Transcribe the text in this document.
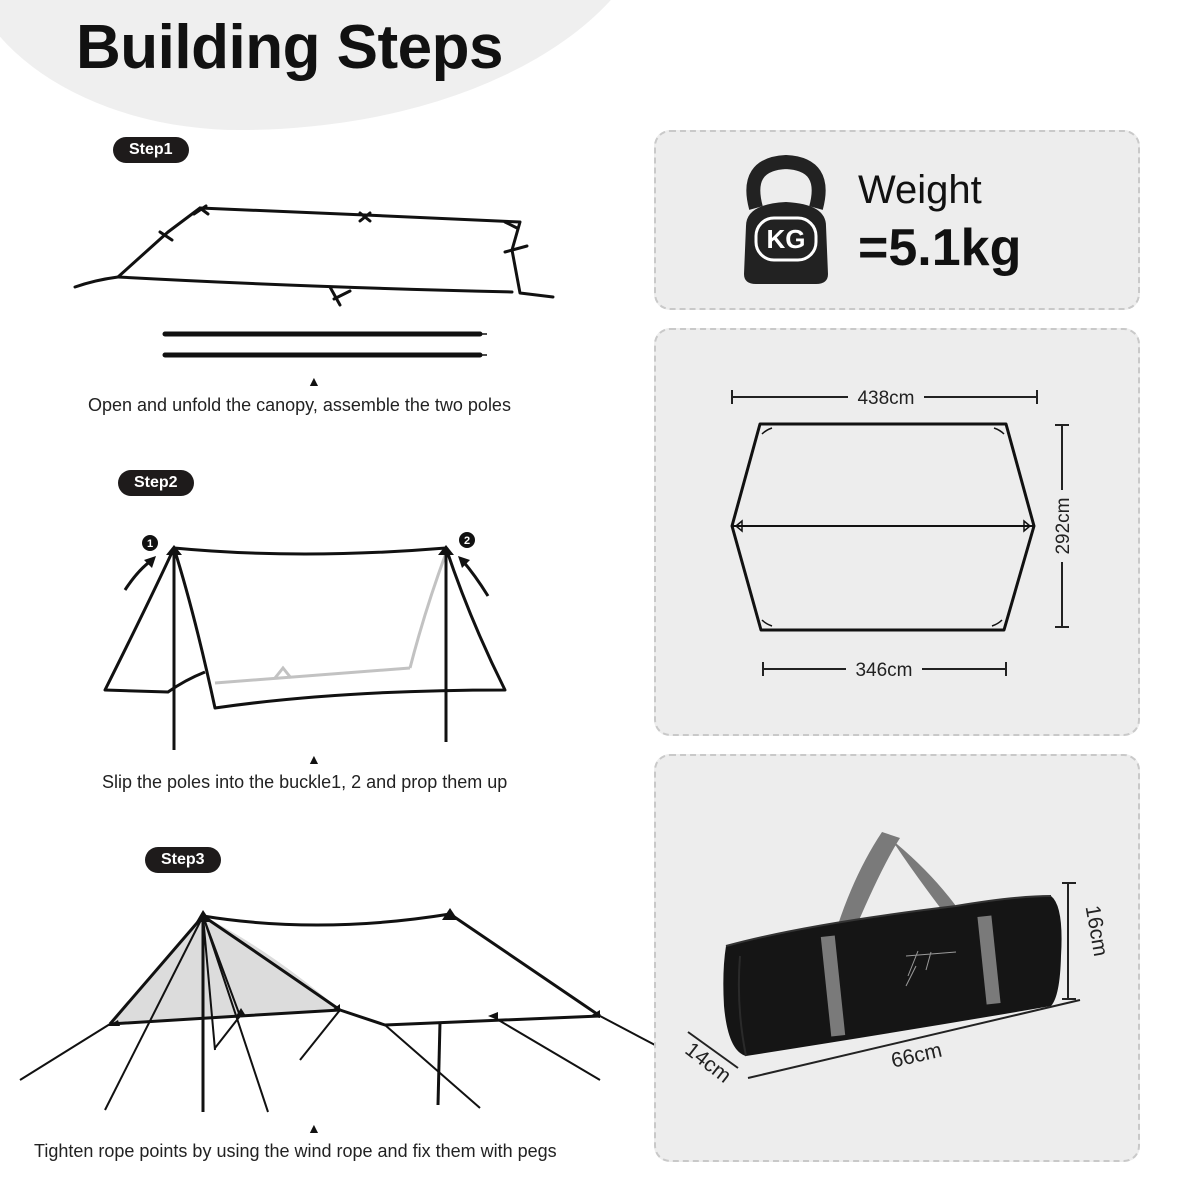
Building Steps
Step1
▲
Open and unfold the canopy, assemble the two poles
Step2
1	2
▲
Slip the poles into the buckle1, 2 and prop them up
Step3
▲
Tighten rope points by using the wind rope and fix them with pegs
KG
Weight
=5.1kg
438cm
346cm
292cm
16cm
14cm	66cm
